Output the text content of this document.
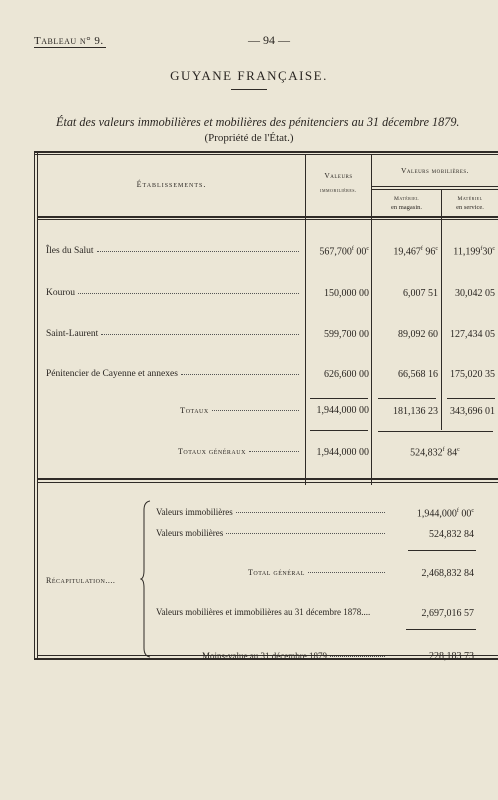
Tableau n° 9.	— 94 —
GUYANE FRANÇAISE.
État des valeurs immobilières et mobilières des pénitenciers au 31 décembre 1879.
(Propriété de l'État.)
Établissements.
Valeurs
immobilières.
Valeurs mobilières.
Matériel
en magasin.
Matériel
en service.
Îles du Salut	567,700$^f$ 00$^c$	19,467$^f$ 96$^c$	11,199$^f$30$^c$
Kourou	150,000 00	6,007 51	30,042 05
Saint-Laurent	599,700 00	89,092 60	127,434 05
Pénitencier de Cayenne et annexes	626,600 00	66,568 16	175,020 35
Totaux	1,944,000 00	181,136 23	343,696 01
Totaux généraux	1,944,000 00	524,832$^f$ 84$^c$
Récapitulation....
Valeurs immobilières	1,944,000$^f$ 00$^c$
Valeurs mobilières	524,832 84
Total général	2,468,832 84
Valeurs mobilières et immobilières au 31 décembre 1878....	2,697,016 57
Moins-value au 31 décembre 1879	228,183 73
